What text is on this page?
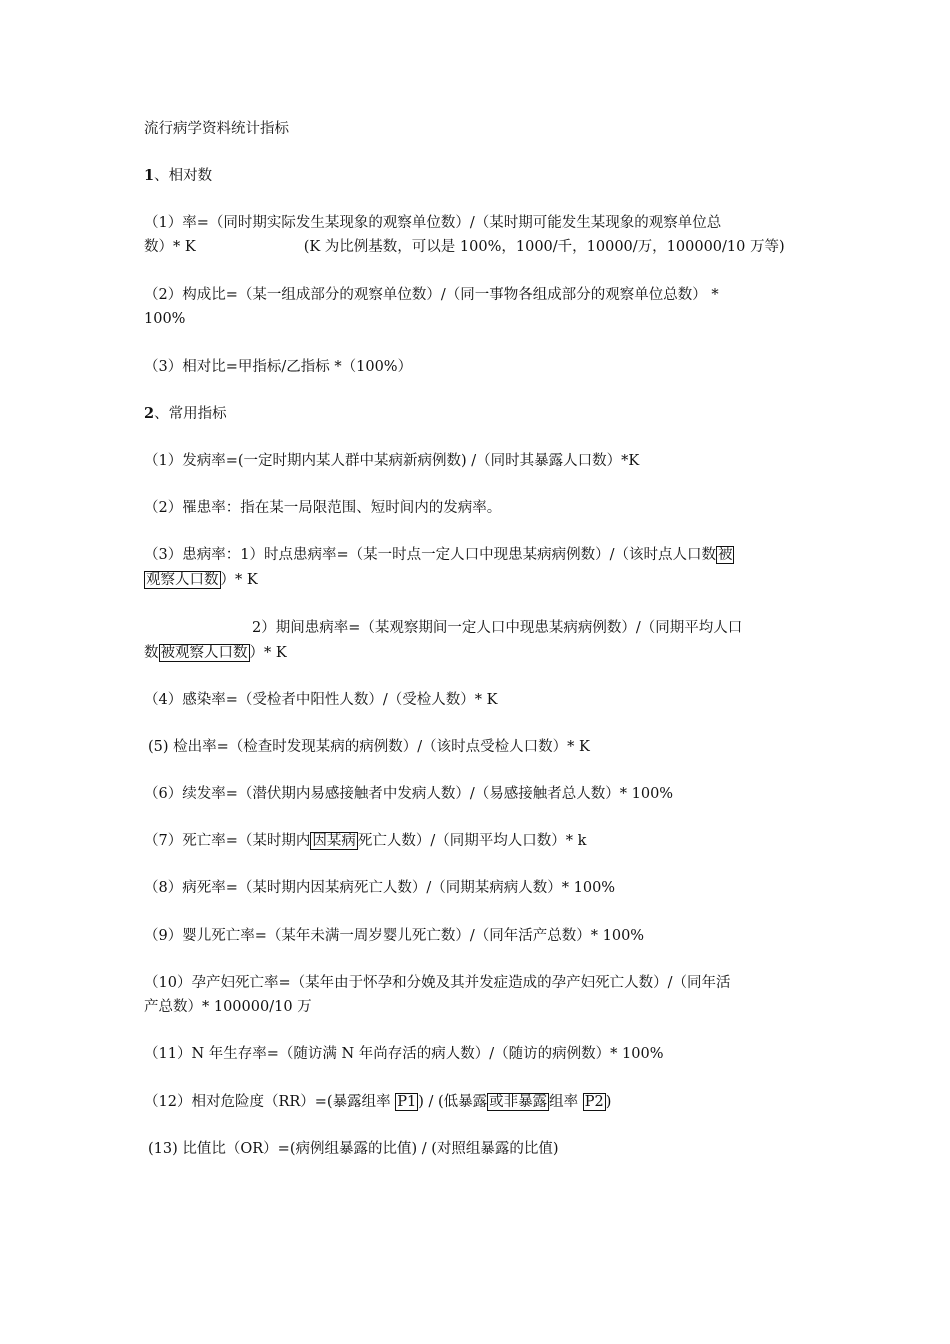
流行病学资料统计指标
1、相对数
（1）率=（同时期实际发生某现象的观察单位数）/（某时期可能发生某现象的观察单位总
数）* K	(K 为比例基数，可以是 100%，1000/千，10000/万，100000/10 万等)
（2）构成比=（某一组成部分的观察单位数）/（同一事物各组成部分的观察单位总数） *
100%
（3）相对比=甲指标/乙指标 *（100%）
2、常用指标
（1）发病率=(一定时期内某人群中某病新病例数) /（同时其暴露人口数）*K
（2）罹患率：指在某一局限范围、短时间内的发病率。
（3）患病率：1）时点患病率=（某一时点一定人口中现患某病病例数）/（该时点人口数 被
观察人口数 ）* K
2）期间患病率=（某观察期间一定人口中现患某病病例数）/（同期平均人口
数 被观察人口数 ）* K
（4）感染率=（受检者中阳性人数）/（受检人数）* K
(5) 检出率=（检查时发现某病的病例数）/（该时点受检人口数）* K
（6）续发率=（潜伏期内易感接触者中发病人数）/（易感接触者总人数）* 100%
（7）死亡率=（某时期内 因某病 死亡人数）/（同期平均人口数）* k
（8）病死率=（某时期内因某病死亡人数）/（同期某病病人数）* 100%
（9）婴儿死亡率=（某年未满一周岁婴儿死亡数）/（同年活产总数）* 100%
（10）孕产妇死亡率=（某年由于怀孕和分娩及其并发症造成的孕产妇死亡人数）/（同年活
产总数）* 100000/10 万
（11）N 年生存率=（随访满 N 年尚存活的病人数）/（随访的病例数）* 100%
（12）相对危险度（RR）=(暴露组率 P1 ) / (低暴露 或非暴露 组率 P2 )
(13) 比值比（OR）=(病例组暴露的比值) / (对照组暴露的比值)
